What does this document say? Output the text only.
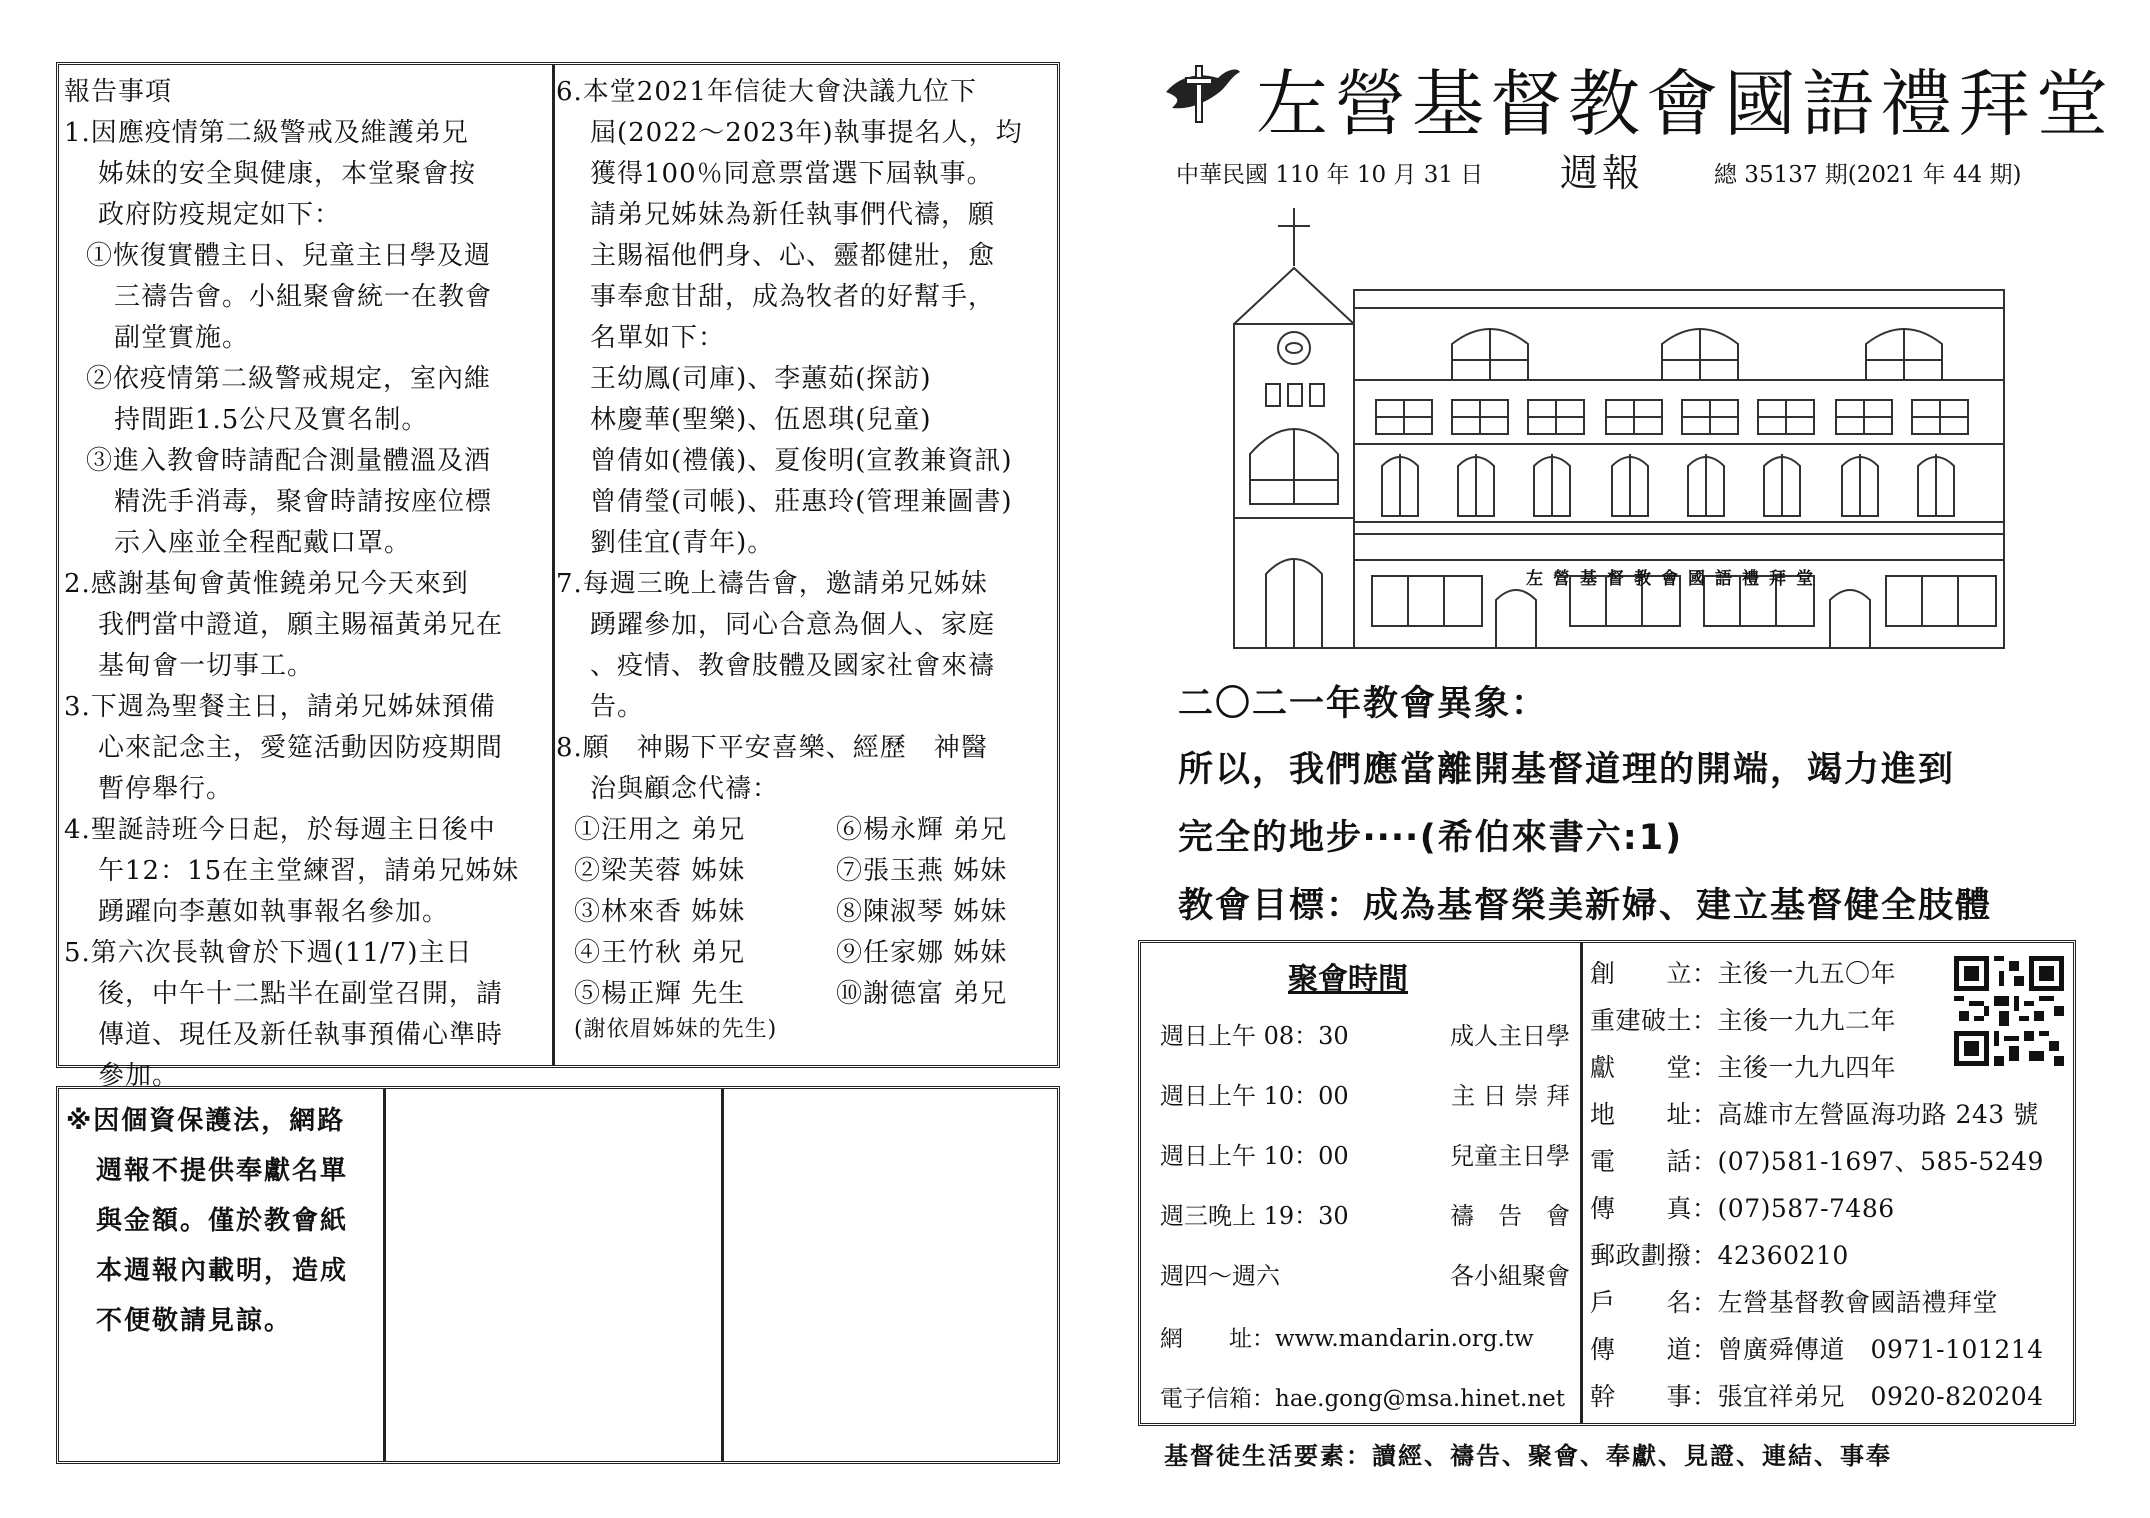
報告事項
1.因應疫情第二級警戒及維護弟兄
姊妹的安全與健康，本堂聚會按
政府防疫規定如下：
①恢復實體主日、兒童主日學及週
三禱告會。小組聚會統一在教會
副堂實施。
②依疫情第二級警戒規定，室內維
持間距1.5公尺及實名制。
③進入教會時請配合測量體溫及酒
精洗手消毒，聚會時請按座位標
示入座並全程配戴口罩。
2.感謝基甸會黃惟鐃弟兄今天來到
我們當中證道，願主賜福黃弟兄在
基甸會一切事工。
3.下週為聖餐主日，請弟兄姊妹預備
心來記念主，愛筵活動因防疫期間
暫停舉行。
4.聖誕詩班今日起，於每週主日後中
午12：15在主堂練習，請弟兄姊妹
踴躍向李蕙如執事報名參加。
5.第六次長執會於下週(11/7)主日
後，中午十二點半在副堂召開，請
傳道、現任及新任執事預備心準時
參加。
6.本堂2021年信徒大會決議九位下
屆(2022～2023年)執事提名人，均
獲得100％同意票當選下屆執事。
請弟兄姊妹為新任執事們代禱，願
主賜福他們身、心、靈都健壯，愈
事奉愈甘甜，成為牧者的好幫手，
名單如下：
王幼鳳(司庫)、李蕙茹(探訪)
林慶華(聖樂)、伍恩琪(兒童)
曾倩如(禮儀)、夏俊明(宣教兼資訊)
曾倩瑩(司帳)、莊惠玲(管理兼圖書)
劉佳宜(青年)。
7.每週三晚上禱告會，邀請弟兄姊妹
踴躍參加，同心合意為個人、家庭
、疫情、教會肢體及國家社會來禱
告。
8.願　神賜下平安喜樂、經歷　神醫
治與顧念代禱：
①汪用之 弟兄	⑥楊永輝 弟兄
②梁芙蓉 姊妹	⑦張玉燕 姊妹
③林來香 姊妹	⑧陳淑琴 姊妹
④王竹秋 弟兄	⑨任家娜 姊妹
⑤楊正輝 先生	⑩謝德富 弟兄
(謝依眉姊妹的先生)
※因個資保護法，網路
週報不提供奉獻名單
與金額。僅於教會紙
本週報內載明，造成
不便敬請見諒。
左營基督教會國語禮拜堂
中華民國 110 年 10 月 31 日 週報	總 35137 期(2021 年 44 期)
左營基督教會國語禮拜堂
二〇二一年教會異象：
所以，我們應當離開基督道理的開端，竭力進到
完全的地步‧‧‧‧(希伯來書六:1)
教會目標：成為基督榮美新婦、建立基督健全肢體
聚會時間
週日上午 08：30	成人主日學
週日上午 10：00	主 日 崇 拜
週日上午 10：00	兒童主日學
週三晚上 19：30	禱　告　會
週四～週六	各小組聚會
網　　址：www.mandarin.org.tw
電子信箱：hae.gong@msa.hinet.net
創　　立：主後一九五〇年
重建破土：主後一九九二年
獻　　堂：主後一九九四年
地　　址：高雄市左營區海功路 243 號
電　　話：(07)581-1697、585-5249
傳　　真：(07)587-7486
郵政劃撥：42360210
戶　　名：左營基督教會國語禮拜堂
傳　　道：曾廣舜傳道　0971-101214
幹　　事：張宜祥弟兄　0920-820204
基督徒生活要素：讀經、禱告、聚會、奉獻、見證、連結、事奉
